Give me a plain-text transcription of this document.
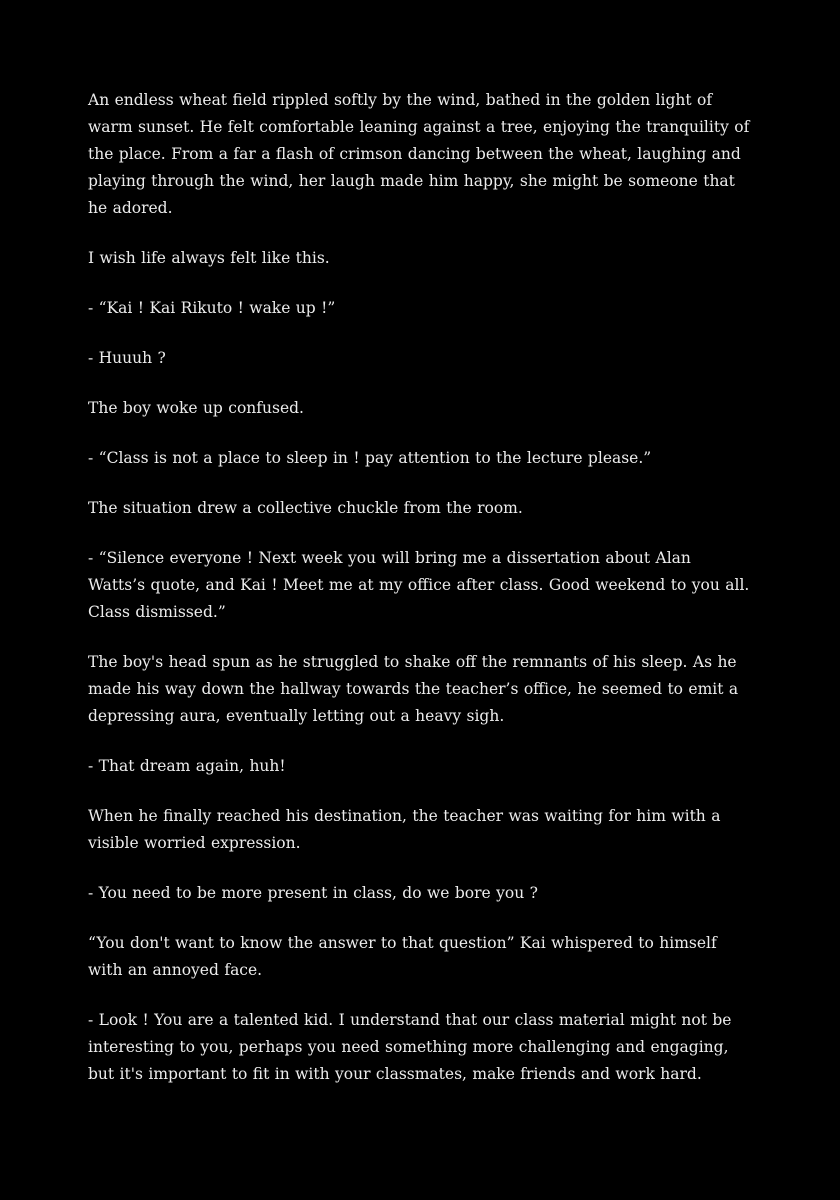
An endless wheat field rippled softly by the wind, bathed in the golden light of warm sunset. He felt comfortable leaning against a tree, enjoying the tranquility of the place. From a far a flash of crimson dancing between the wheat, laughing and playing through the wind, her laugh made him happy, she might be someone that he adored.

I wish life always felt like this.

- “Kai ! Kai Rikuto ! wake up !”

- Huuuh ?

The boy woke up confused.

- “Class is not a place to sleep in ! pay attention to the lecture please.”

The situation drew a collective chuckle from the room.

- “Silence everyone ! Next week you will bring me a dissertation about Alan Watts’s quote, and Kai ! Meet me at my office after class. Good weekend to you all. Class dismissed.”

The boy's head spun as he struggled to shake off the remnants of his sleep. As he made his way down the hallway towards the teacher’s office, he seemed to emit a depressing aura, eventually letting out a heavy sigh.

- That dream again, huh!

When he finally reached his destination, the teacher was waiting for him with a visible worried expression.

- You need to be more present in class, do we bore you ?

“You don't want to know the answer to that question” Kai whispered to himself with an annoyed face.

- Look ! You are a talented kid. I understand that our class material might not be interesting to you, perhaps you need something more challenging and engaging, but it's important to fit in with your classmates, make friends and work hard.
